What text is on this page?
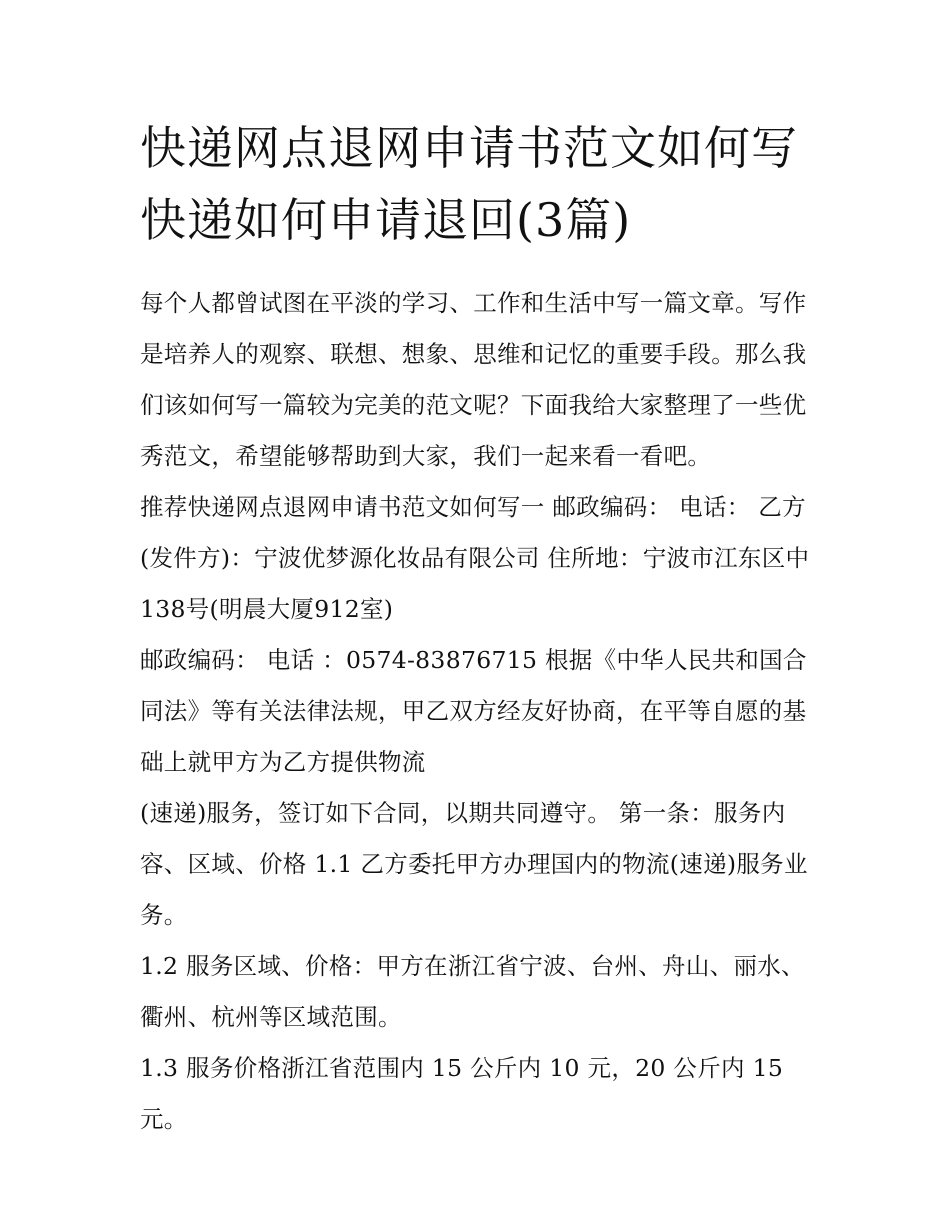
快递网点退网申请书范文如何写 快递如何申请退回(3篇)

每个人都曾试图在平淡的学习、工作和生活中写一篇文章。写作是培养人的观察、联想、想象、思维和记忆的重要手段。那么我们该如何写一篇较为完美的范文呢？下面我给大家整理了一些优秀范文，希望能够帮助到大家，我们一起来看一看吧。

推荐快递网点退网申请书范文如何写一 邮政编码： 电话： 乙方(发件方)：宁波优梦源化妆品有限公司 住所地：宁波市江东区中138号(明晨大厦912室)

邮政编码： 电话 ：0574-83876715 根据《中华人民共和国合同法》等有关法律法规，甲乙双方经友好协商，在平等自愿的基础上就甲方为乙方提供物流

(速递)服务，签订如下合同，以期共同遵守。 第一条：服务内容、区域、价格 1.1 乙方委托甲方办理国内的物流(速递)服务业务。

1.2 服务区域、价格：甲方在浙江省宁波、台州、舟山、丽水、衢州、杭州等区域范围。

1.3 服务价格浙江省范围内 15 公斤内 10 元，20 公斤内 15 元。
